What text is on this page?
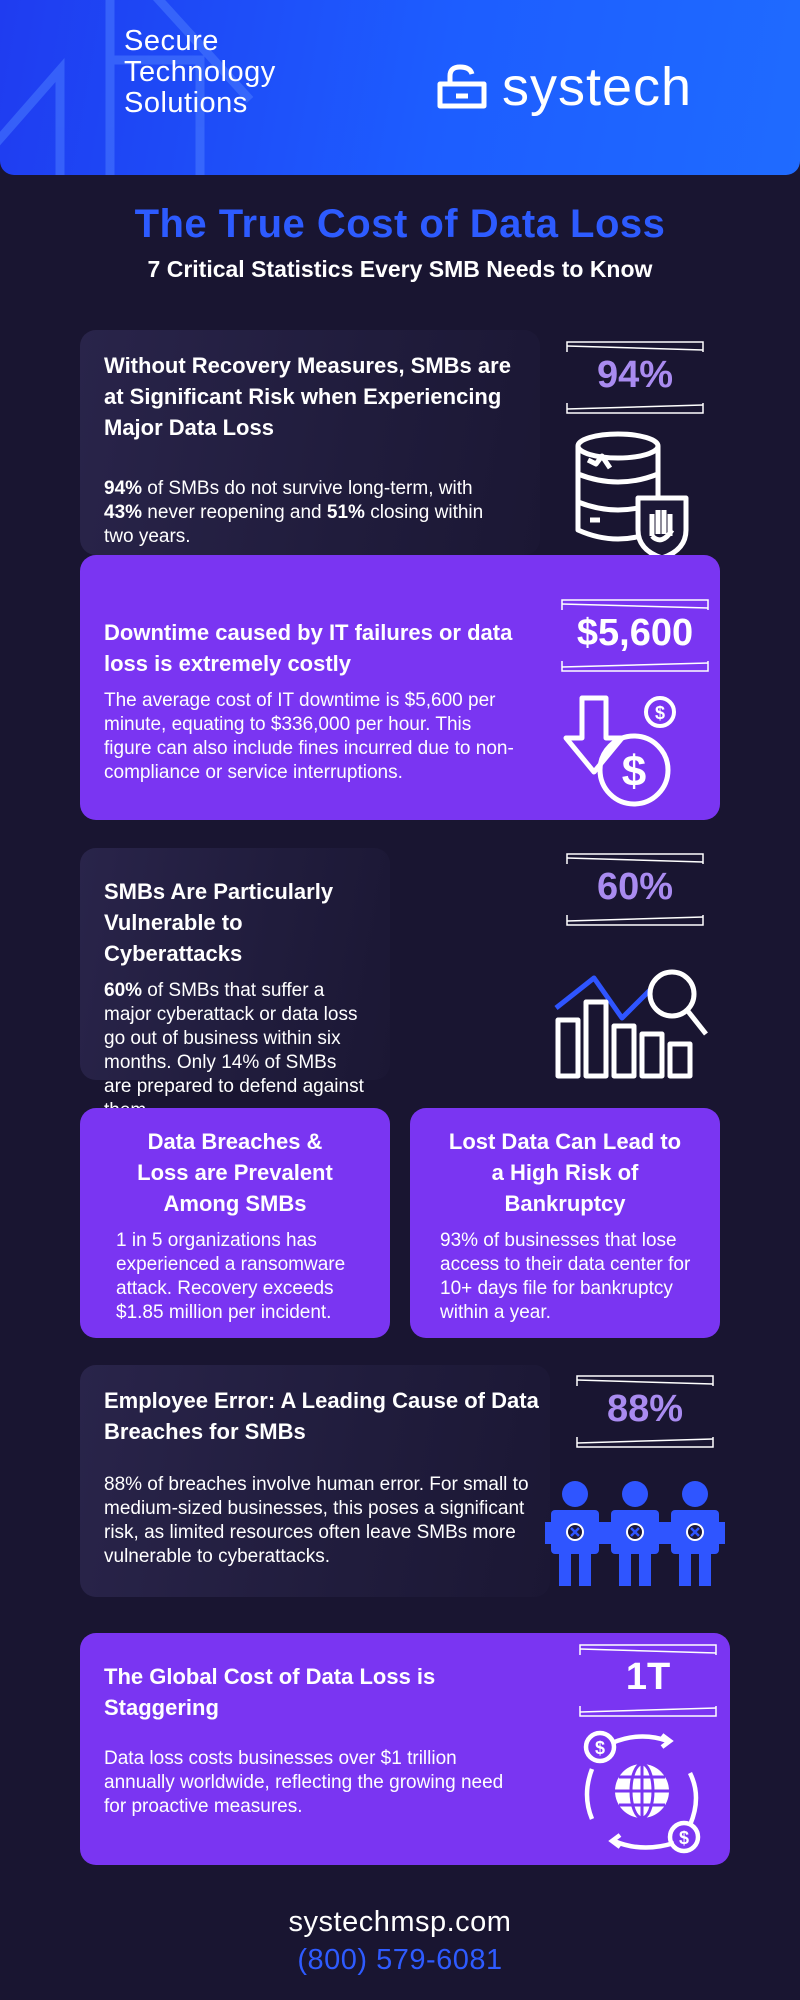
Secure
Technology
Solutions	systech
The True Cost of Data Loss
7 Critical Statistics Every SMB Needs to Know
Without Recovery Measures, SMBs are at Significant Risk when Experiencing Major Data Loss
94% of SMBs do not survive long-term, with 43% never reopening and 51% closing within two years.
94%
Downtime caused by IT failures or data loss is extremely costly
The average cost of IT downtime is $5,600 per minute, equating to $336,000 per hour. This figure can also include fines incurred due to non-compliance or service interruptions.
$5,600
$
$
SMBs Are Particularly Vulnerable to Cyberattacks
60% of SMBs that suffer a major cyberattack or data loss go out of business within six months. Only 14% of SMBs are prepared to defend against
60%
Data Breaches & Loss are Prevalent Among SMBs
1 in 5 organizations has experienced a ransomware attack. Recovery exceeds $1.85 million per incident.
Lost Data Can Lead to a High Risk of Bankruptcy
93% of businesses that lose access to their data center for 10+ days file for bankruptcy within a year.
Employee Error: A Leading Cause of Data Breaches for SMBs
88% of breaches involve human error. For small to medium-sized businesses, this poses a significant risk, as limited resources often leave SMBs more vulnerable to cyberattacks.
88%
The Global Cost of Data Loss is Staggering
Data loss costs businesses over $1 trillion annually worldwide, reflecting the growing need for proactive measures.
1T
$
$
systechmsp.com
(800) 579-6081
